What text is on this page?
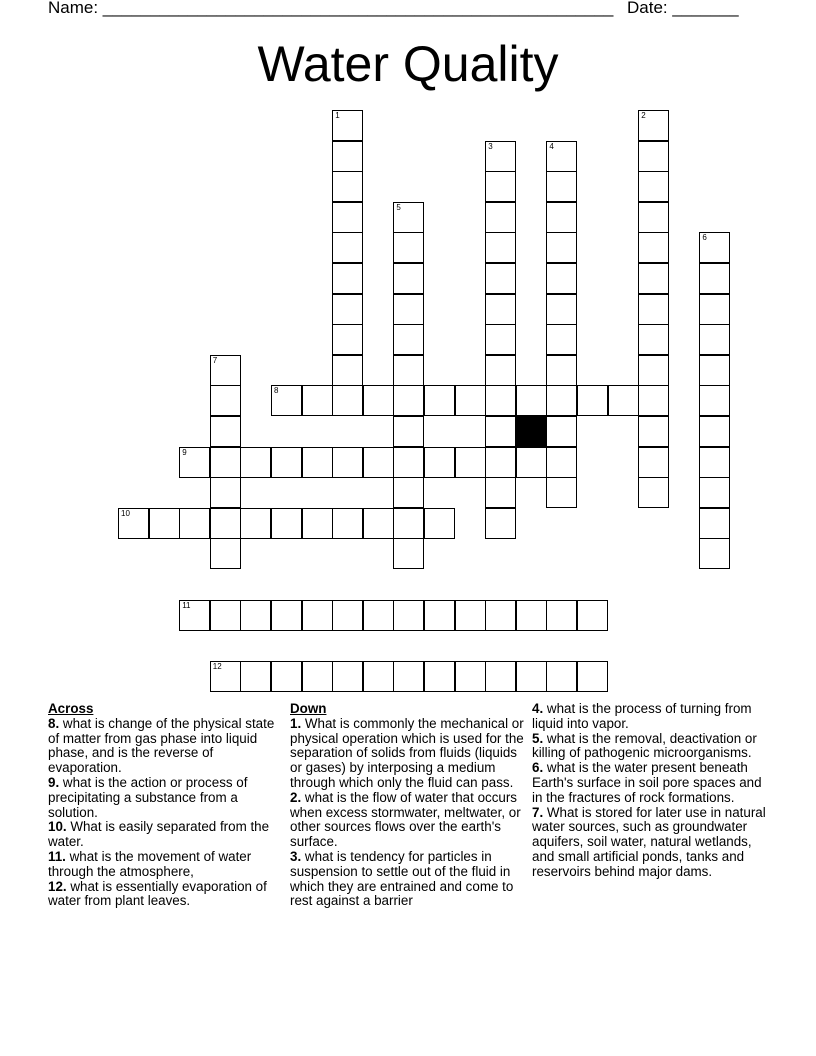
Name: ______________________________________________________ Date: _______
Water Quality
1	2
3	4
5
6
7
8
9
10
11
12
Across
8. what is change of the physical state of matter from gas phase into liquid phase, and is the reverse of evaporation.
9. what is the action or process of precipitating a substance from a solution.
10. What is easily separated from the water.
11. what is the movement of water through the atmosphere,
12. what is essentially evaporation of water from plant leaves.
Down
1. What is commonly the mechanical or physical operation which is used for the separation of solids from fluids (liquids or gases) by interposing a medium through which only the fluid can pass.
2. what is the flow of water that occurs when excess stormwater, meltwater, or other sources flows over the earth's surface.
3. what is tendency for particles in suspension to settle out of the fluid in which they are entrained and come to rest against a barrier
4. what is the process of turning from liquid into vapor.
5. what is the removal, deactivation or killing of pathogenic microorganisms.
6. what is the water present beneath Earth's surface in soil pore spaces and in the fractures of rock formations.
7. What is stored for later use in natural water sources, such as groundwater aquifers, soil water, natural wetlands, and small artificial ponds, tanks and reservoirs behind major dams.
